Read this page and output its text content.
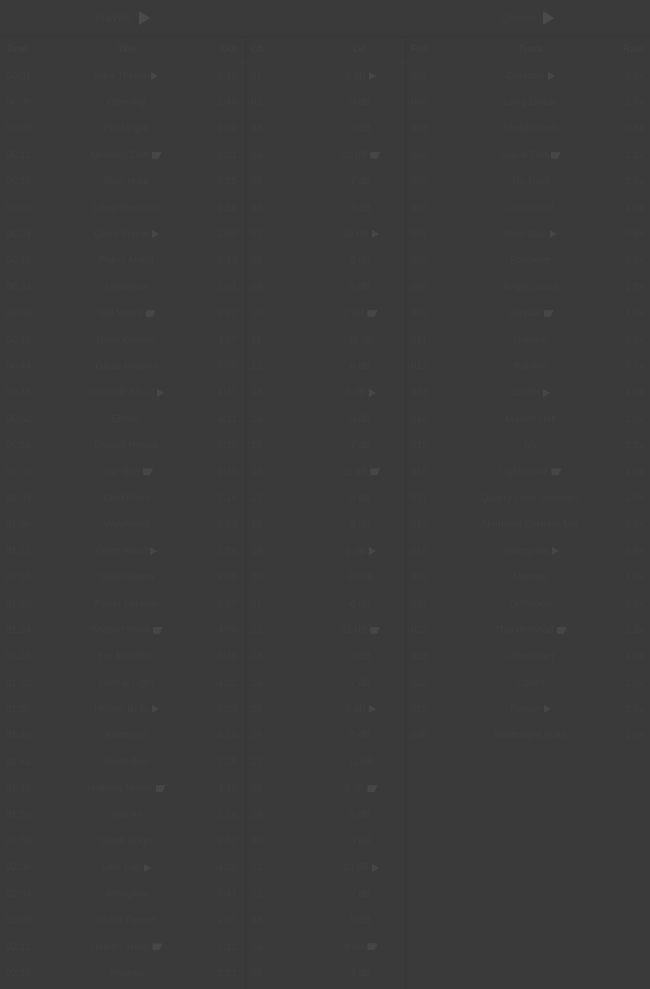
Playlist	Queue
Time	Title	Dur
00:01	Intro Theme	3:12
00:05	Opening	2:48
00:08	First Light	4:02
00:12	Morning Drift	3:31
00:16	Blue Hour	3:55
00:20	Long Shadows	4:18
00:24	Quiet Signal	2:59
00:28	Paper Moon	3:44
00:32	Undertow	5:01
00:36	Still Water	3:22
00:40	Night Garden	4:27
00:44	Glass Houses	3:09
00:48	Interlude No. 2	1:47
00:52	Ember	4:11
00:56	Distant Harbor	3:38
01:00	Low Tide	4:44
01:04	Cold Front	3:16
01:08	Windward	2:53
01:12	Open Road	3:58
01:16	Slow Return	4:35
01:20	Paper Lantern	3:27
01:24	Second Wind	4:06
01:28	Far Meridian	3:49
01:32	Dust & Light	4:22
01:36	Hollow Bells	3:03
01:40	Anemone	4:14
01:44	Night Bus	3:35
01:48	Halfway Home	4:48
01:52	Salt Air	3:18
01:56	Small Hours	3:52
02:00	Last Call	4:30
02:04	Afterglow	3:41
02:08	Outro Theme	2:37
02:12	Hidden Track	5:12
02:16	Reprise	2:21
Ch	Lvl
01	-6 dB
02	-9 dB
03	-4 dB
04	-12 dB
05	-7 dB
06	-3 dB
07	-10 dB
08	-5 dB
09	-8 dB
10	-2 dB
11	-11 dB
12	-6 dB
13	-4 dB
14	-9 dB
15	-7 dB
16	-13 dB
17	-5 dB
18	-8 dB
19	-3 dB
20	-10 dB
21	-6 dB
22	-12 dB
23	-4 dB
24	-7 dB
25	-9 dB
26	-5 dB
27	-11 dB
28	-6 dB
29	-8 dB
30	-3 dB
31	-10 dB
32	-7 dB
33	-5 dB
34	-9 dB
35	-4 dB
Pos	Track	Rate
001	Overture	1.0x
002	Long Divide	1.0x
003	Meadowlark	0.8x
004	Signal Fire	1.2x
005	Tin Roof	1.0x
006	Crosswind	1.0x
007	Pale Blue	0.9x
008	Foxglove	1.0x
009	Bright Coast	1.5x
010	Sundial	1.0x
011	Nightjar	1.0x
012	Rainfall	0.7x
013	Cinder	1.0x
014	Marble Hall	1.0x
015	Ivy	1.1x
016	Lighthouse	1.0x
017	Quarry Lane Sessions	1.0x
018	Northern Corridor Mix	1.0x
019	Silverpoint	0.9x
020	Mariner	1.0x
021	Driftwood	1.0x
022	Thunderhead	1.3x
023	Clearwater	1.0x
024	Cobalt	1.0x
025	Ravine	1.0x
026	Winterlight Suite	1.0x
